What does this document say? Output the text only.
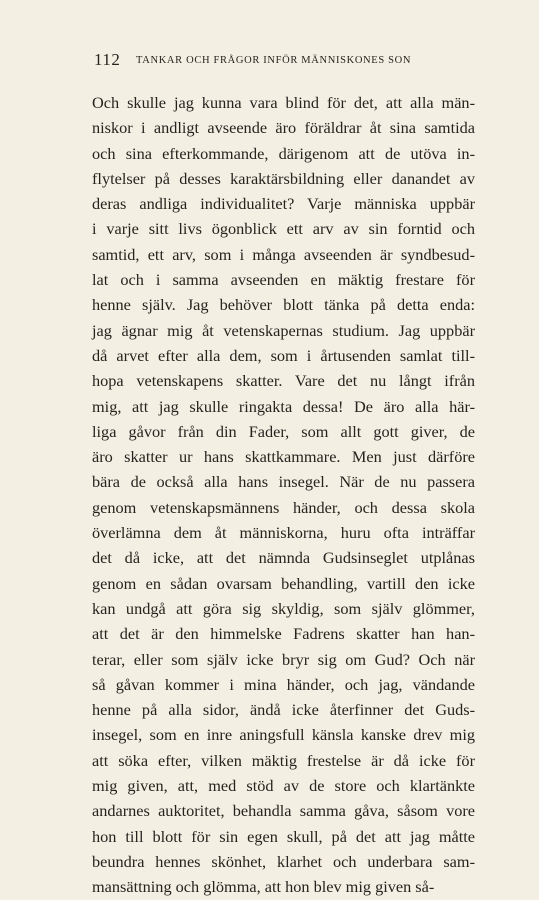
112 TANKAR OCH FRÅGOR INFÖR MÄNNISKONES SON
Och skulle jag kunna vara blind för det, att alla män-
niskor i andligt avseende äro föräldrar åt sina samtida
och sina efterkommande, därigenom att de utöva in-
flytelser på desses karaktärsbildning eller danandet av
deras andliga individualitet? Varje människa uppbär
i varje sitt livs ögonblick ett arv av sin forntid och
samtid, ett arv, som i många avseenden är syndbesud-
lat och i samma avseenden en mäktig frestare för
henne själv. Jag behöver blott tänka på detta enda:
jag ägnar mig åt vetenskapernas studium. Jag uppbär
då arvet efter alla dem, som i årtusenden samlat till-
hopa vetenskapens skatter. Vare det nu långt ifrån
mig, att jag skulle ringakta dessa! De äro alla här-
liga gåvor från din Fader, som allt gott giver, de
äro skatter ur hans skattkammare. Men just därföre
bära de också alla hans insegel. När de nu passera
genom vetenskapsmännens händer, och dessa skola
överlämna dem åt människorna, huru ofta inträffar
det då icke, att det nämnda Gudsinseglet utplånas
genom en sådan ovarsam behandling, vartill den icke
kan undgå att göra sig skyldig, som själv glömmer,
att det är den himmelske Fadrens skatter han han-
terar, eller som själv icke bryr sig om Gud? Och när
så gåvan kommer i mina händer, och jag, vändande
henne på alla sidor, ändå icke återfinner det Guds-
insegel, som en inre aningsfull känsla kanske drev mig
att söka efter, vilken mäktig frestelse är då icke för
mig given, att, med stöd av de store och klartänkte
andarnes auktoritet, behandla samma gåva, såsom vore
hon till blott för sin egen skull, på det att jag måtte
beundra hennes skönhet, klarhet och underbara sam-
mansättning och glömma, att hon blev mig given så-
